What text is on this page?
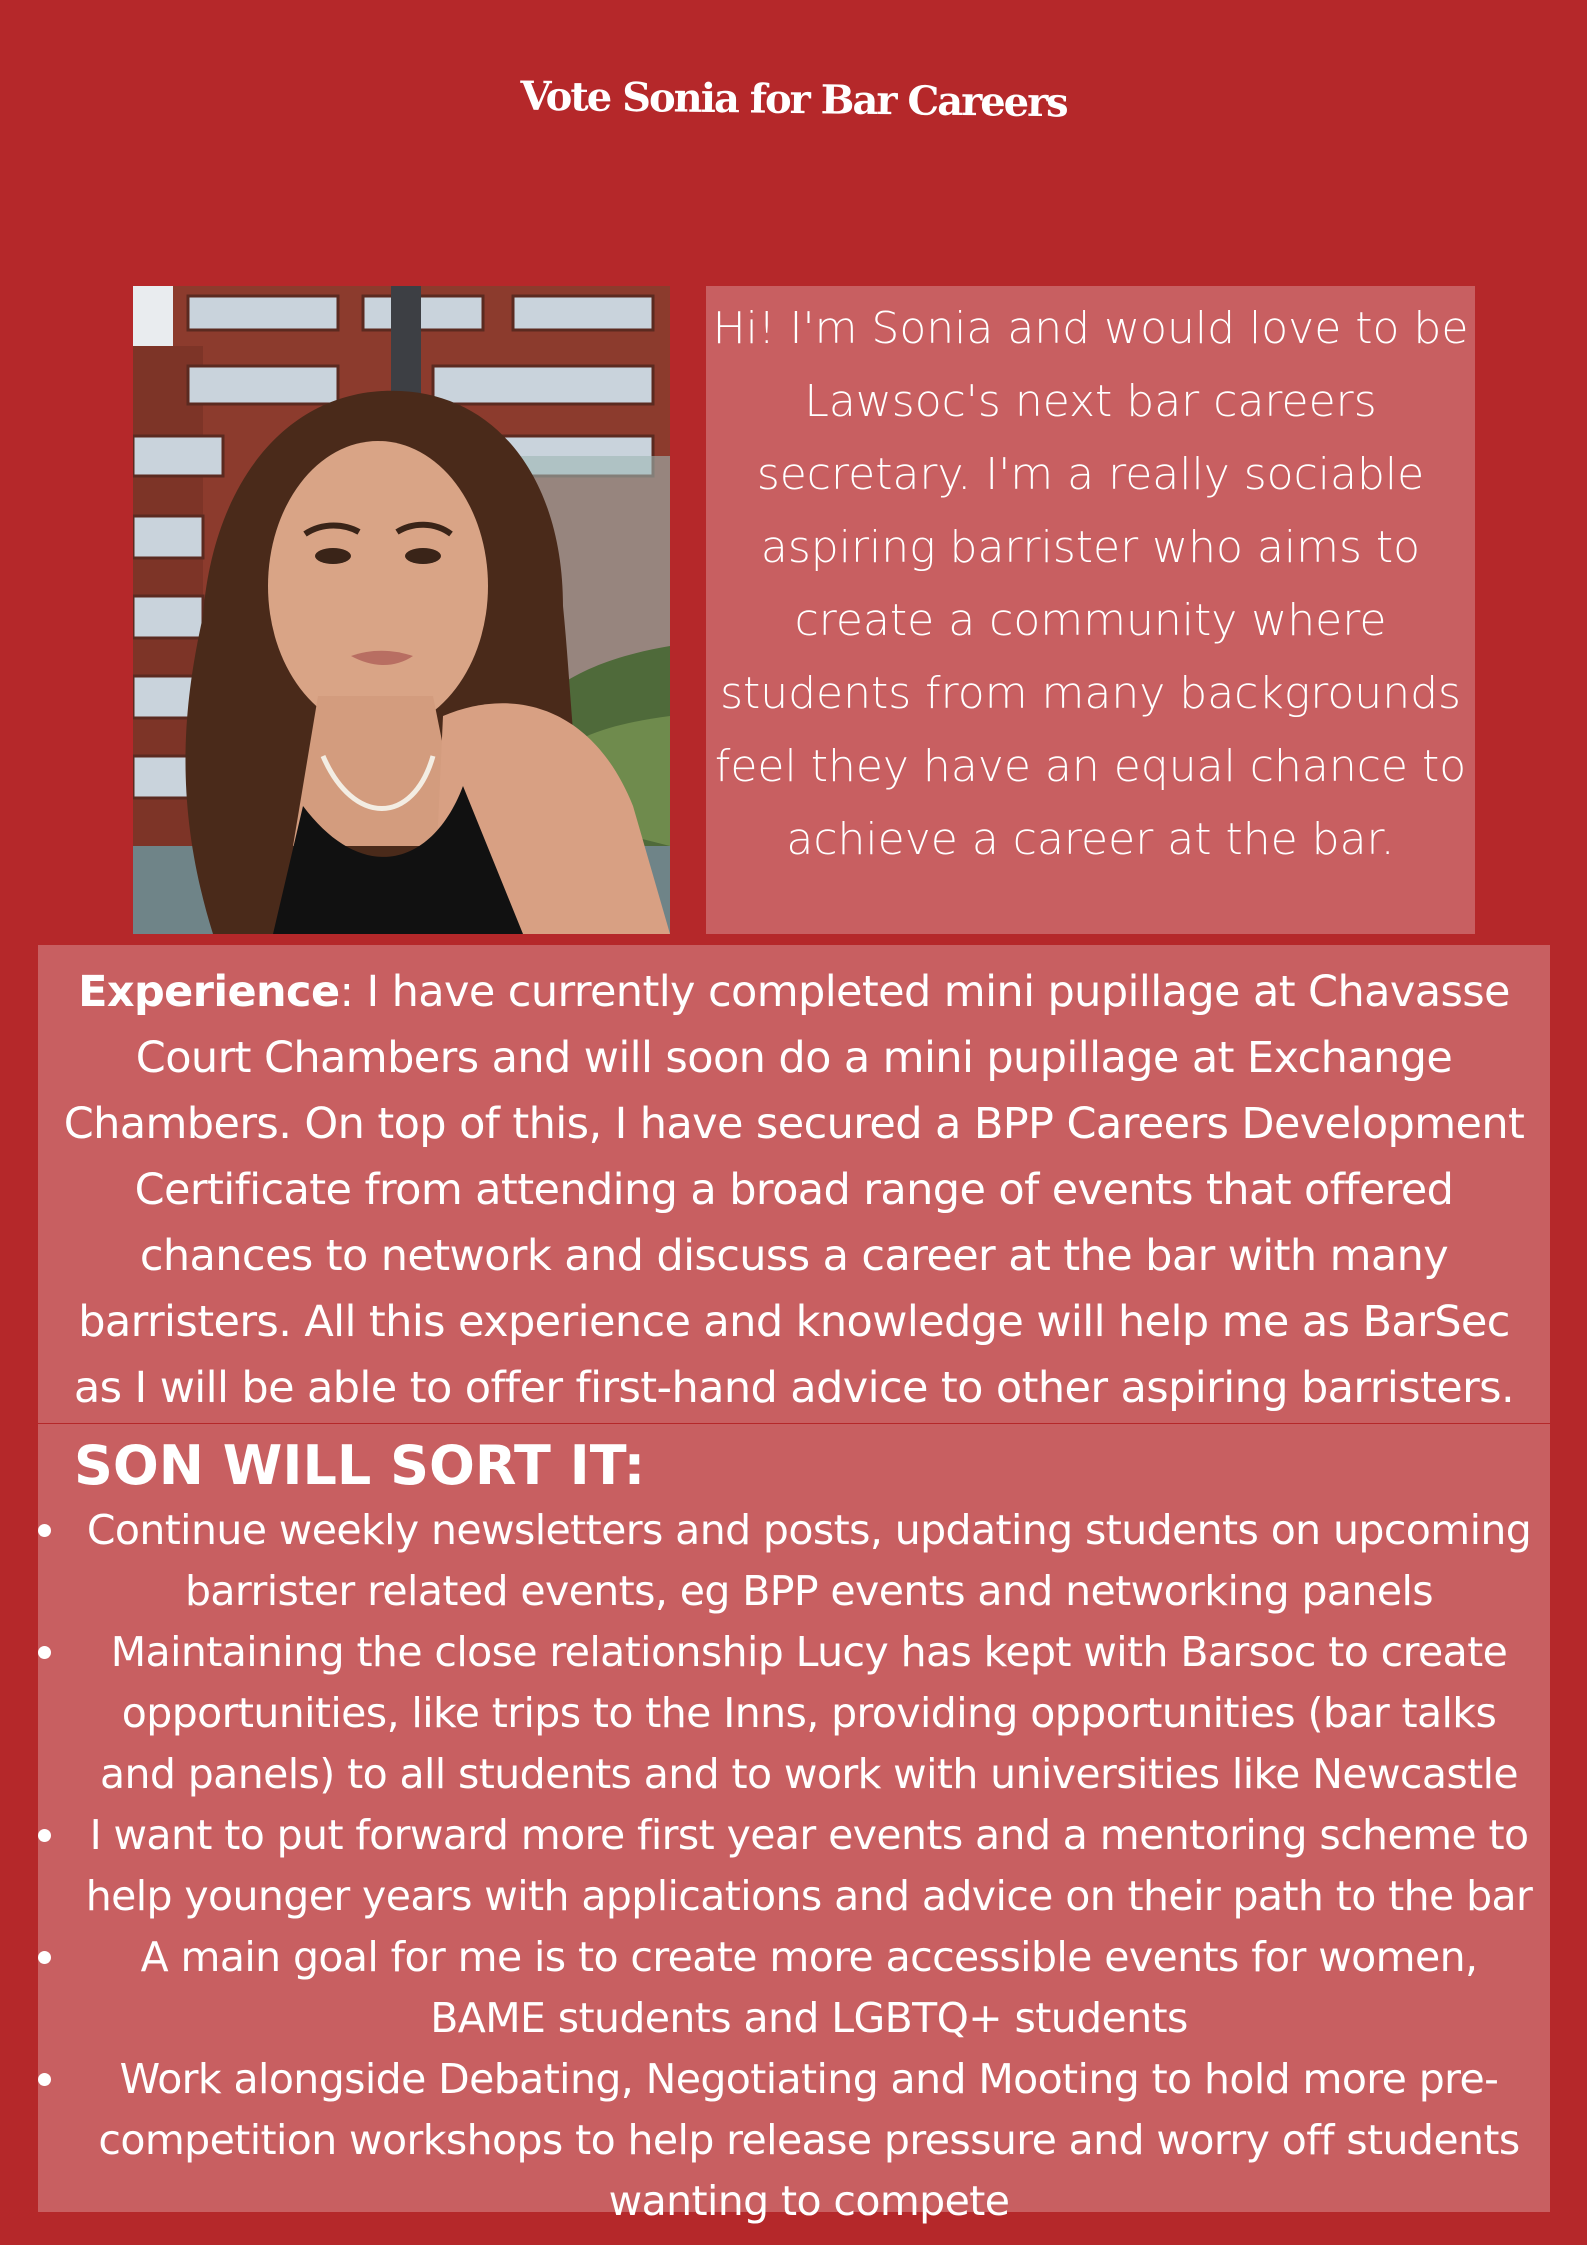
Vote Sonia for Bar Careers

Hi! I'm Sonia and would love to be Lawsoc's next bar careers secretary. I'm a really sociable aspiring barrister who aims to create a community where students from many backgrounds feel they have an equal chance to achieve a career at the bar.

Experience: I have currently completed mini pupillage at Chavasse Court Chambers and will soon do a mini pupillage at Exchange Chambers. On top of this, I have secured a BPP Careers Development Certificate from attending a broad range of events that offered chances to network and discuss a career at the bar with many barristers. All this experience and knowledge will help me as BarSec as I will be able to offer first-hand advice to other aspiring barristers.

SON WILL SORT IT:
Continue weekly newsletters and posts, updating students on upcoming barrister related events, eg BPP events and networking panels
Maintaining the close relationship Lucy has kept with Barsoc to create opportunities, like trips to the Inns, providing opportunities (bar talks and panels) to all students and to work with universities like Newcastle
I want to put forward more first year events and a mentoring scheme to help younger years with applications and advice on their path to the bar
A main goal for me is to create more accessible events for women, BAME students and LGBTQ+ students
Work alongside Debating, Negotiating and Mooting to hold more pre-competition workshops to help release pressure and worry off students wanting to compete
